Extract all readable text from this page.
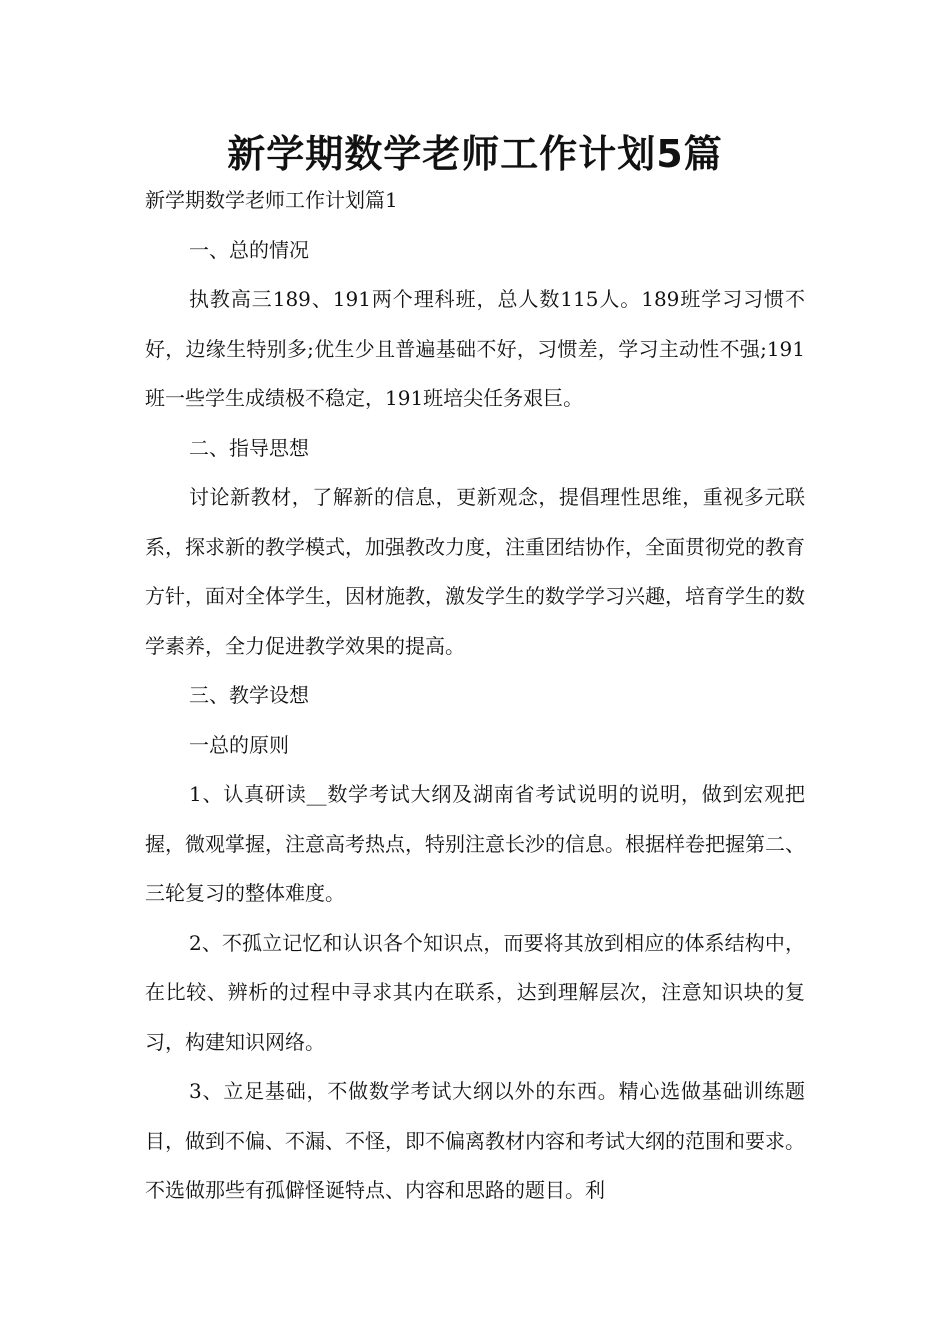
新学期数学老师工作计划5篇

新学期数学老师工作计划篇1

一、总的情况

执教高三189、191两个理科班，总人数115人。189班学习习惯不好，边缘生特别多;优生少且普遍基础不好，习惯差，学习主动性不强;191班一些学生成绩极不稳定，191班培尖任务艰巨。

二、指导思想

讨论新教材，了解新的信息，更新观念，提倡理性思维，重视多元联系，探求新的教学模式，加强教改力度，注重团结协作，全面贯彻党的教育方针，面对全体学生，因材施教，激发学生的数学学习兴趣，培育学生的数学素养，全力促进教学效果的提高。

三、教学设想

一总的原则

1、认真研读__数学考试大纲及湖南省考试说明的说明，做到宏观把握，微观掌握，注意高考热点，特别注意长沙的信息。根据样卷把握第二、三轮复习的整体难度。

2、不孤立记忆和认识各个知识点，而要将其放到相应的体系结构中，在比较、辨析的过程中寻求其内在联系，达到理解层次，注意知识块的复习，构建知识网络。

3、立足基础，不做数学考试大纲以外的东西。精心选做基础训练题目，做到不偏、不漏、不怪，即不偏离教材内容和考试大纲的范围和要求。不选做那些有孤僻怪诞特点、内容和思路的题目。利
